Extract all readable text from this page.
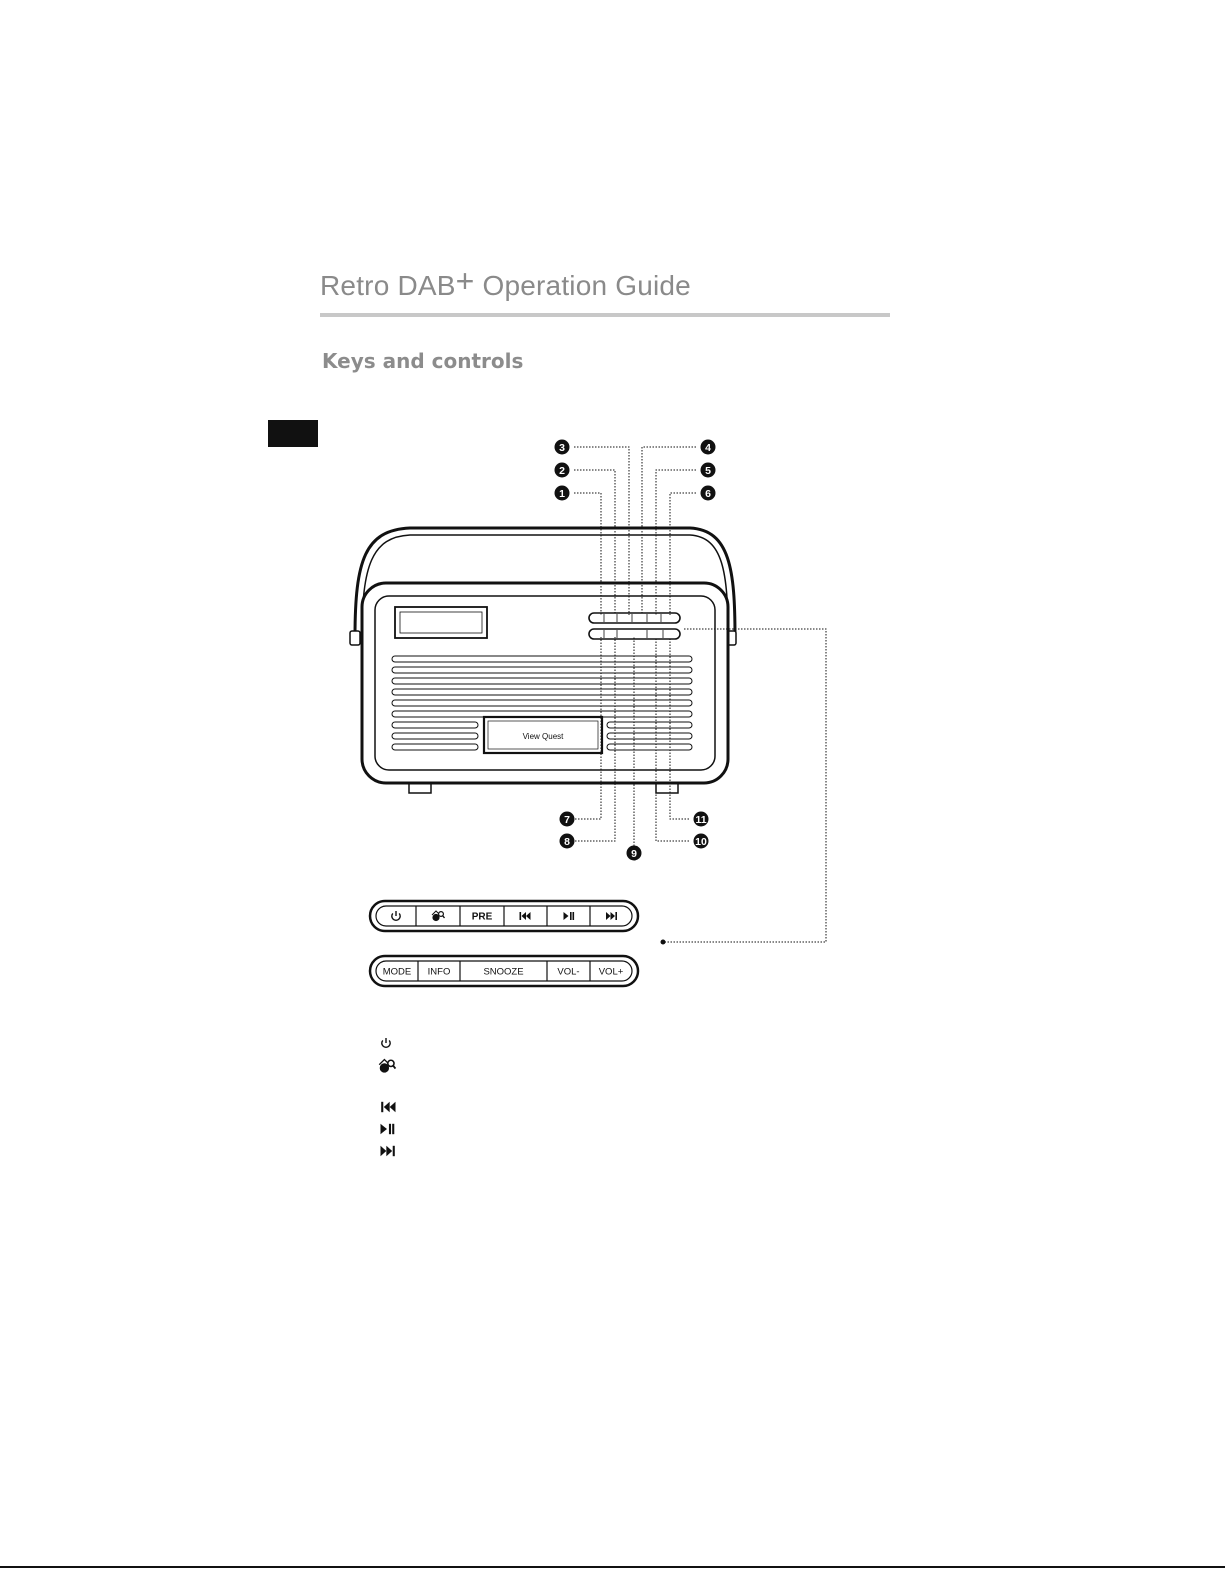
Retro DAB+ Operation Guide
Keys and controls
View Quest
1
2
3	4
5
6
7
8
9
10
11
PRE
MODE INFO	SNOOZE	VOL- VOL+
